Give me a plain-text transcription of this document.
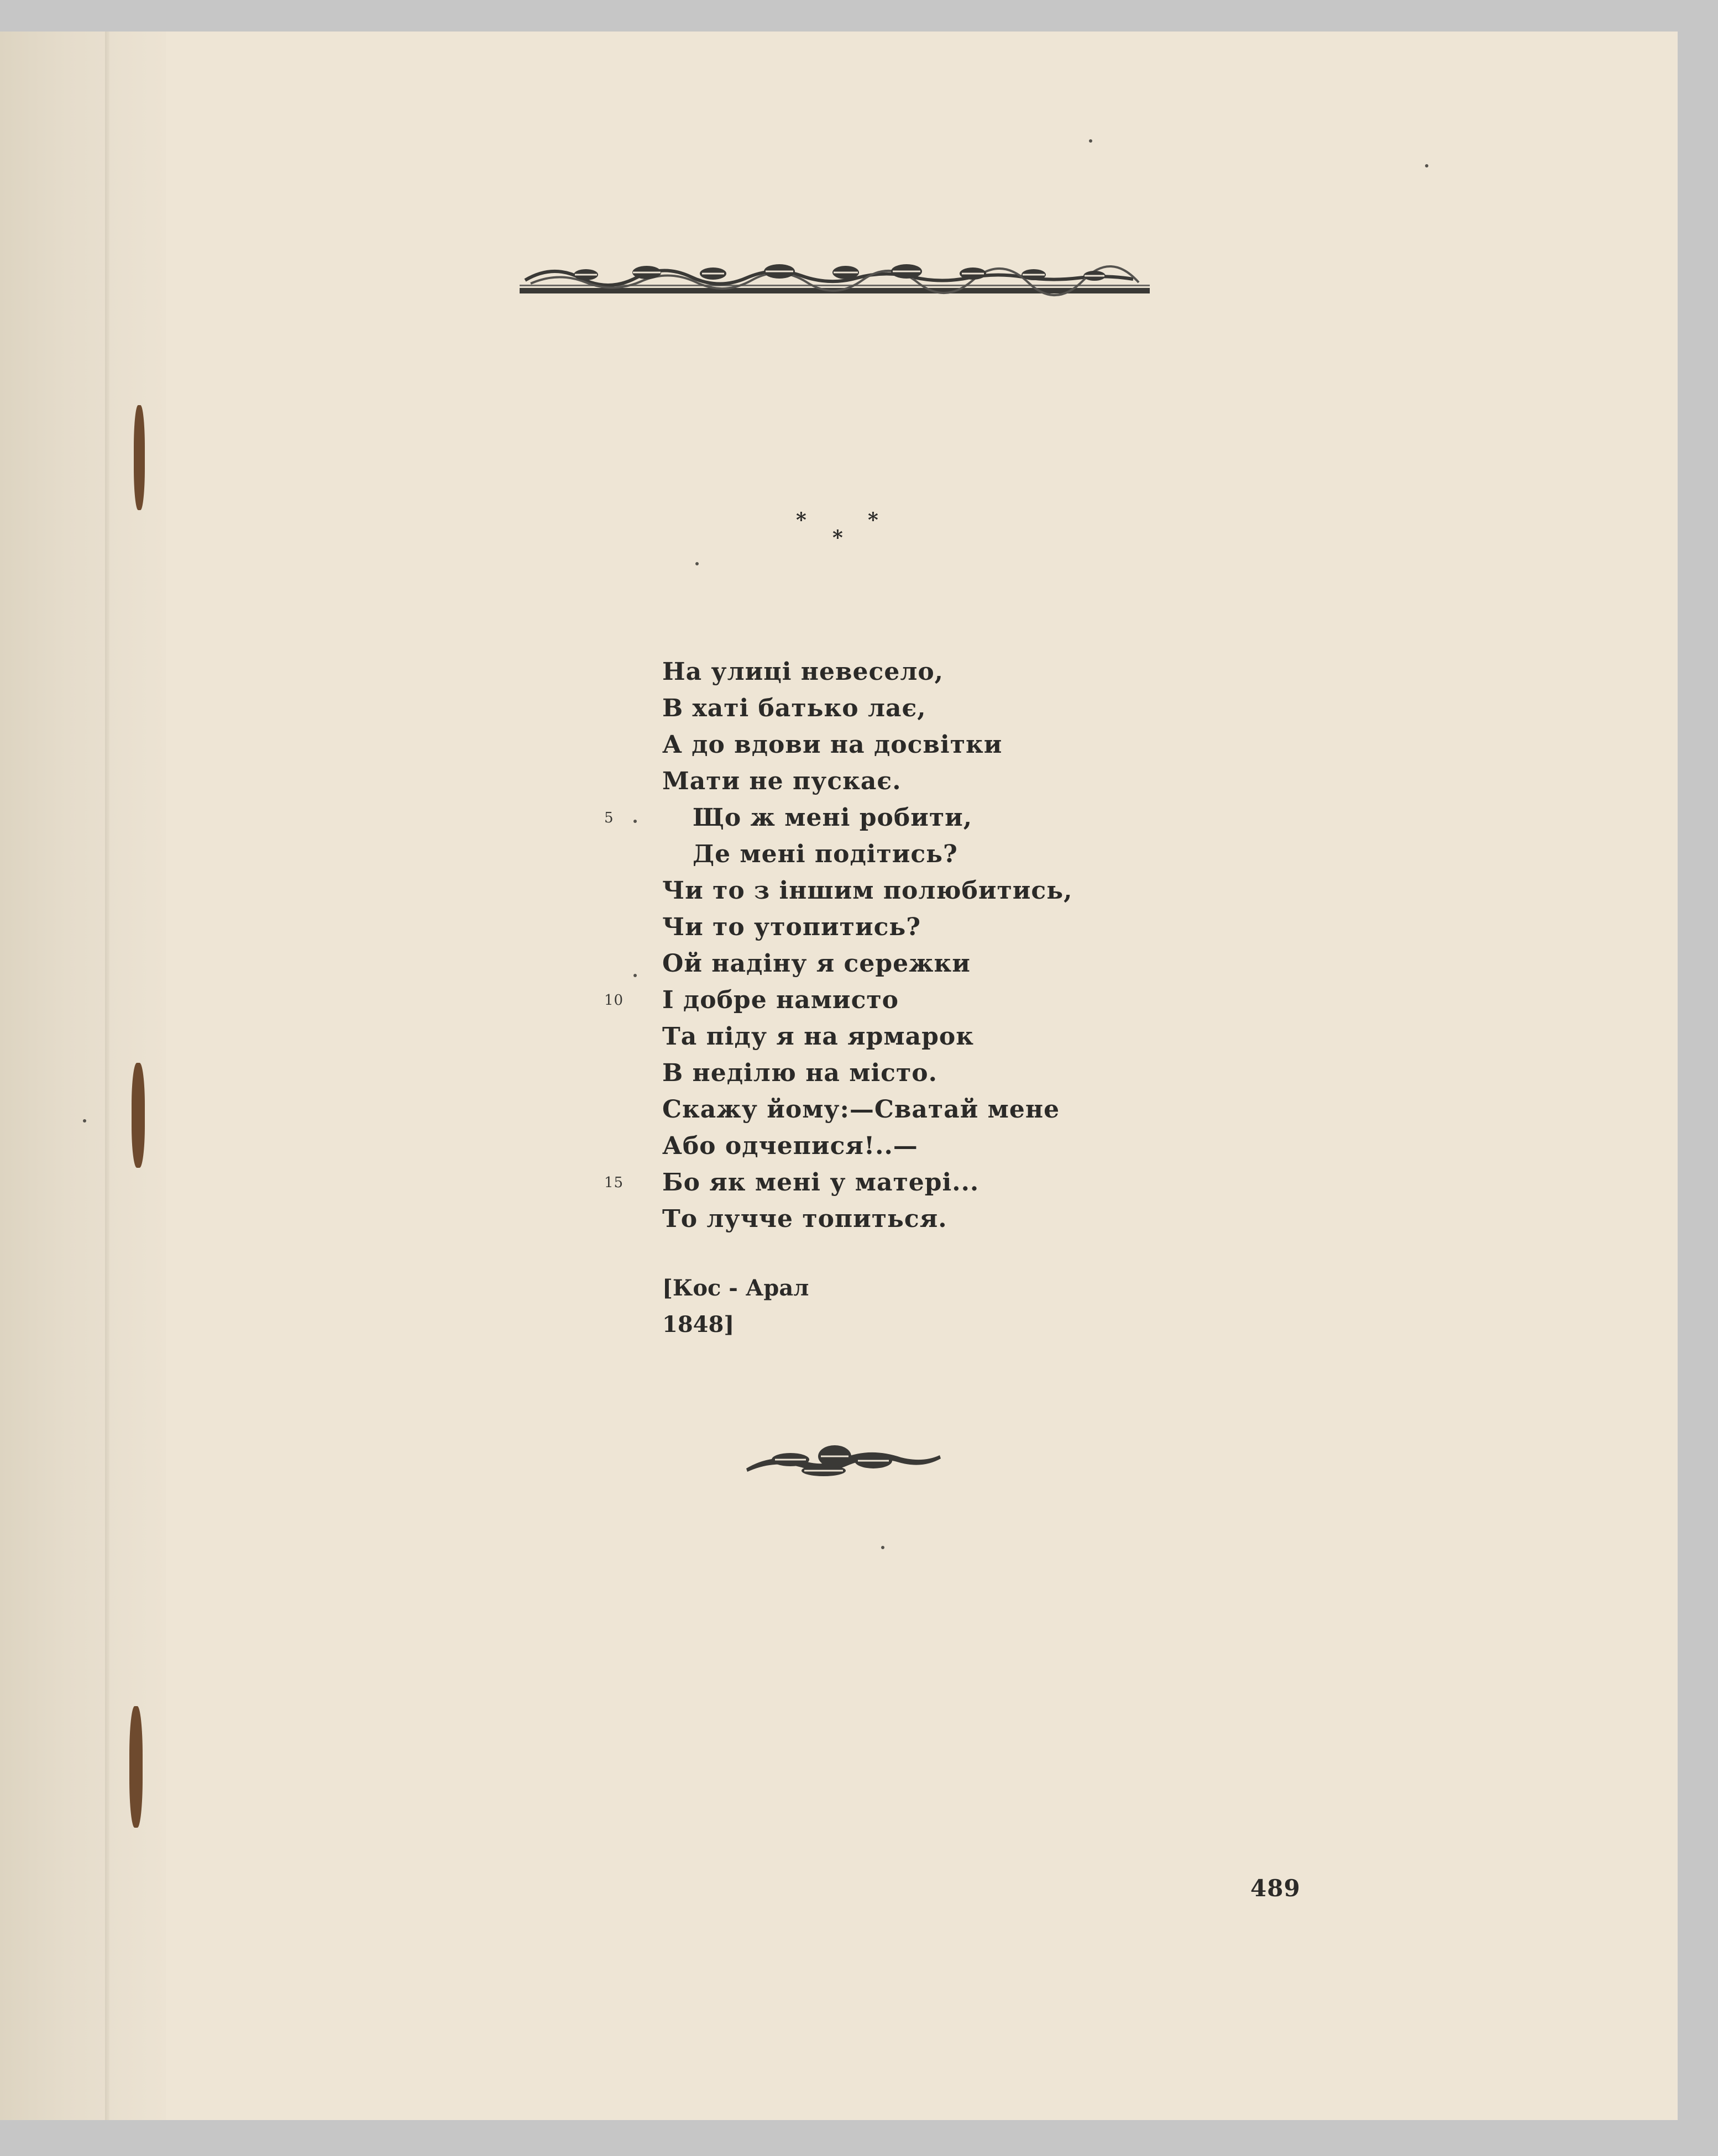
*	*
*
На улиці невесело,
В хаті батько лає,
А до вдови на досвітки
Мати не пускає.
5	Що ж мені робити,
Де мені подітись?
Чи то з іншим полюбитись,
Чи то утопитись?
Ой надіну я сережки
10	І добре намисто
Та піду я на ярмарок
В неділю на місто.
Скажу йому:—Сватай мене
Або одчепися!..—
15	Бо як мені у матері...
То лучче топиться.
[Кос - Арал
1848]
489
